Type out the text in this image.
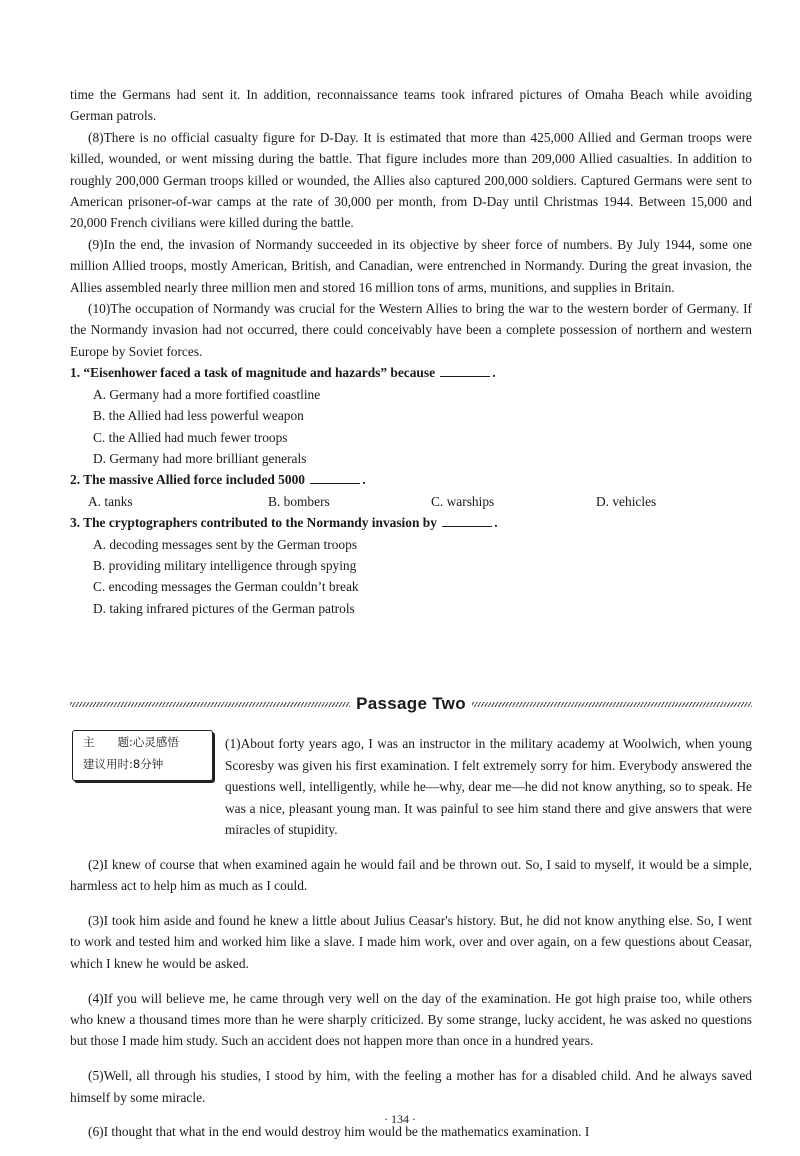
time the Germans had sent it. In addition, reconnaissance teams took infrared pictures of Omaha Beach while avoiding German patrols.

(8)There is no official casualty figure for D-Day. It is estimated that more than 425,000 Allied and German troops were killed, wounded, or went missing during the battle. That figure includes more than 209,000 Allied casualties. In addition to roughly 200,000 German troops killed or wounded, the Allies also captured 200,000 soldiers. Captured Germans were sent to American prisoner-of-war camps at the rate of 30,000 per month, from D-Day until Christmas 1944. Between 15,000 and 20,000 French civilians were killed during the battle.

(9)In the end, the invasion of Normandy succeeded in its objective by sheer force of numbers. By July 1944, some one million Allied troops, mostly American, British, and Canadian, were entrenched in Normandy. During the great invasion, the Allies assembled nearly three million men and stored 16 million tons of arms, munitions, and supplies in Britain.

(10)The occupation of Normandy was crucial for the Western Allies to bring the war to the western border of Germany. If the Normandy invasion had not occurred, there could conceivably have been a complete possession of northern and western Europe by Soviet forces.

1. “Eisenhower faced a task of magnitude and hazards” because	.

A. Germany had a more fortified coastline

B. the Allied had less powerful weapon

C. the Allied had much fewer troops

D. Germany had more brilliant generals

2. The massive Allied force included 5000	.

A. tanks	B. bombers	C. warships	D. vehicles

3. The cryptographers contributed to the Normandy invasion by	.

A. decoding messages sent by the German troops

B. providing military intelligence through spying

C. encoding messages the German couldn’t break

D. taking infrared pictures of the German patrols

Passage Two
主　　题:心灵感悟
建议用时:8分钟

(1)About forty years ago, I was an instructor in the military academy at Woolwich, when young Scoresby was given his first examination. I felt extremely sorry for him. Everybody answered the questions well, intelligently, while he—why, dear me—he did not know anything, so to speak. He was a nice, pleasant young man. It was painful to see him stand there and give answers that were miracles of stupidity.

(2)I knew of course that when examined again he would fail and be thrown out. So, I said to myself, it would be a simple, harmless act to help him as much as I could.

(3)I took him aside and found he knew a little about Julius Ceasar's history. But, he did not know anything else. So, I went to work and tested him and worked him like a slave. I made him work, over and over again, on a few questions about Ceasar, which I knew he would be asked.

(4)If you will believe me, he came through very well on the day of the examination. He got high praise too, while others who knew a thousand times more than he were sharply criticized. By some strange, lucky accident, he was asked no questions but those I made him study. Such an accident does not happen more than once in a hundred years.

(5)Well, all through his studies, I stood by him, with the feeling a mother has for a disabled child. And he always saved himself by some miracle.

(6)I thought that what in the end would destroy him would be the mathematics examination. I

· 134 ·
